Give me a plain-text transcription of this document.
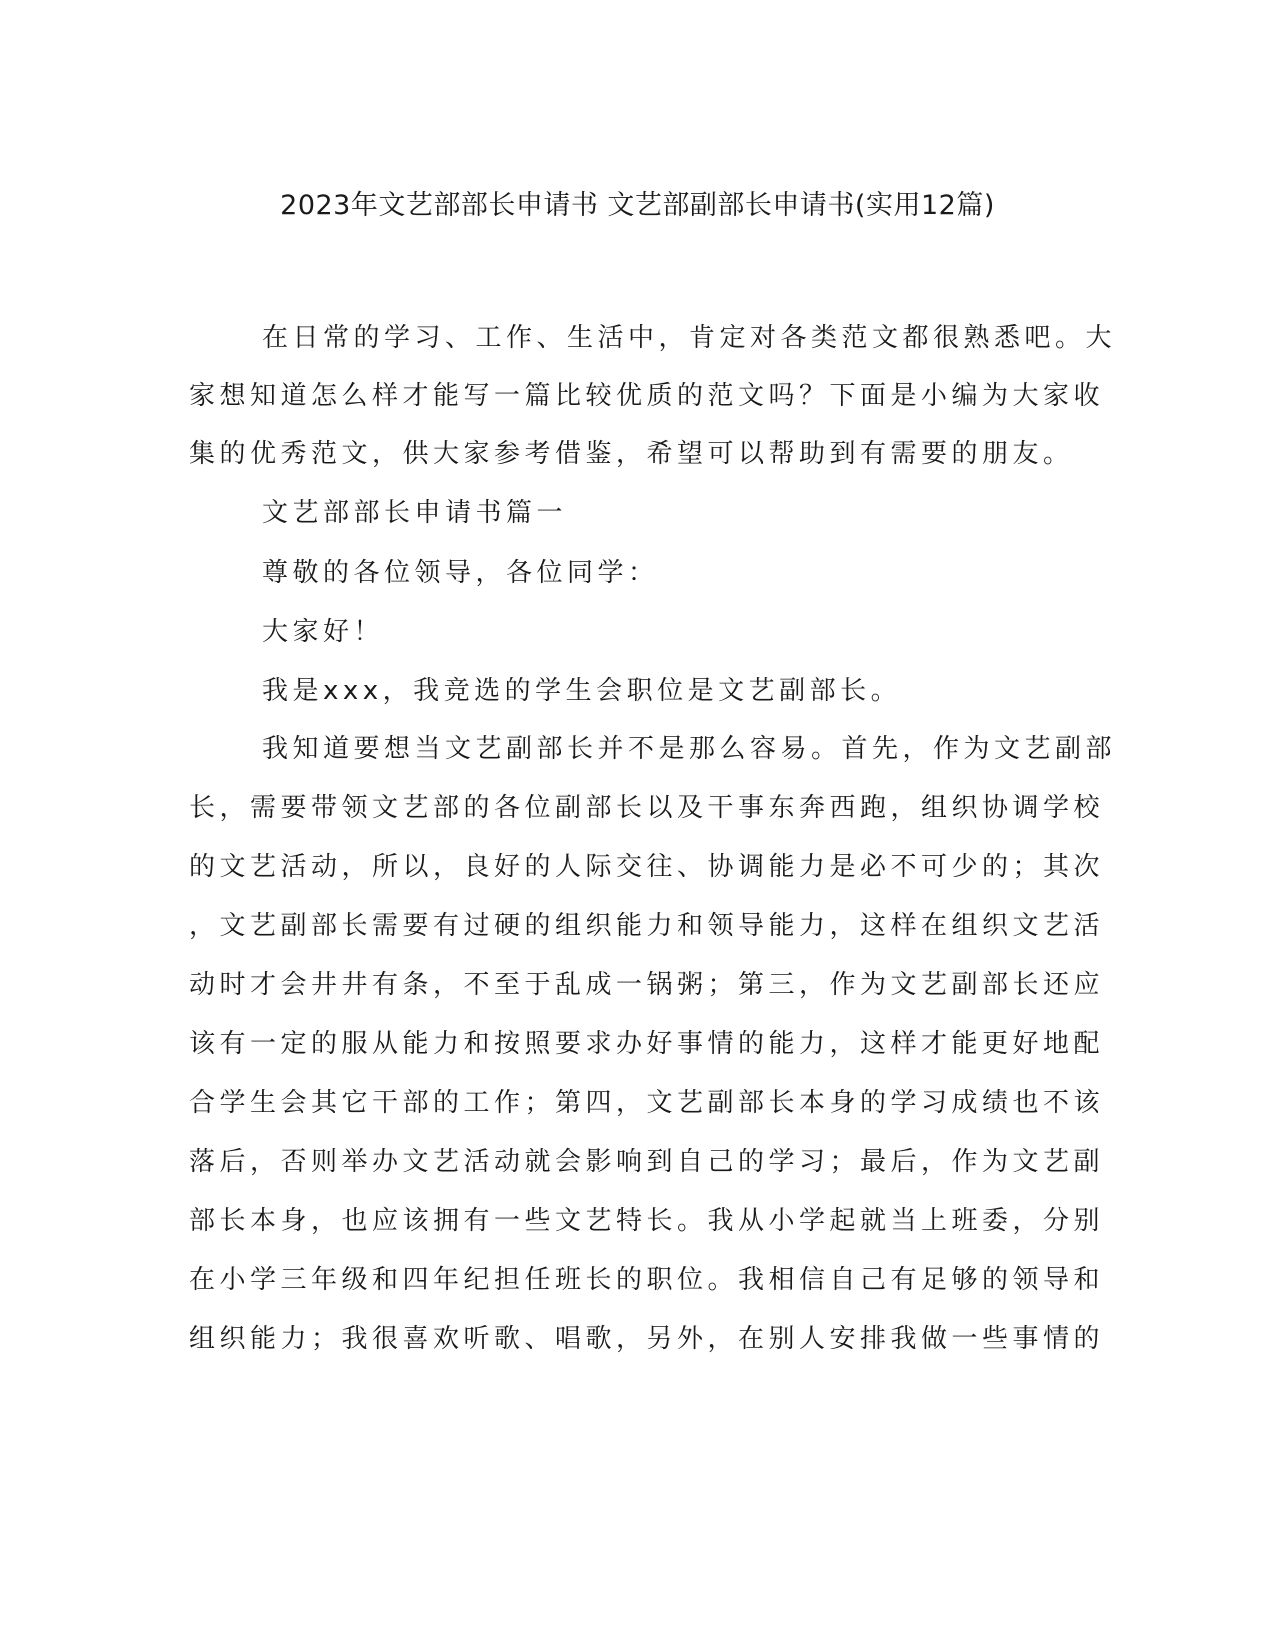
2023年文艺部部长申请书 文艺部副部长申请书(实用12篇)

在日常的学习、工作、生活中，肯定对各类范文都很熟悉吧。大

家想知道怎么样才能写一篇比较优质的范文吗？下面是小编为大家收

集的优秀范文，供大家参考借鉴，希望可以帮助到有需要的朋友。

文艺部部长申请书篇一

尊敬的各位领导，各位同学：

大家好！

我是xxx，我竞选的学生会职位是文艺副部长。

我知道要想当文艺副部长并不是那么容易。首先，作为文艺副部

长，需要带领文艺部的各位副部长以及干事东奔西跑，组织协调学校

的文艺活动，所以，良好的人际交往、协调能力是必不可少的；其次

，文艺副部长需要有过硬的组织能力和领导能力，这样在组织文艺活

动时才会井井有条，不至于乱成一锅粥；第三，作为文艺副部长还应

该有一定的服从能力和按照要求办好事情的能力，这样才能更好地配

合学生会其它干部的工作；第四，文艺副部长本身的学习成绩也不该

落后，否则举办文艺活动就会影响到自己的学习；最后，作为文艺副

部长本身，也应该拥有一些文艺特长。我从小学起就当上班委，分别

在小学三年级和四年纪担任班长的职位。我相信自己有足够的领导和

组织能力；我很喜欢听歌、唱歌，另外，在别人安排我做一些事情的
